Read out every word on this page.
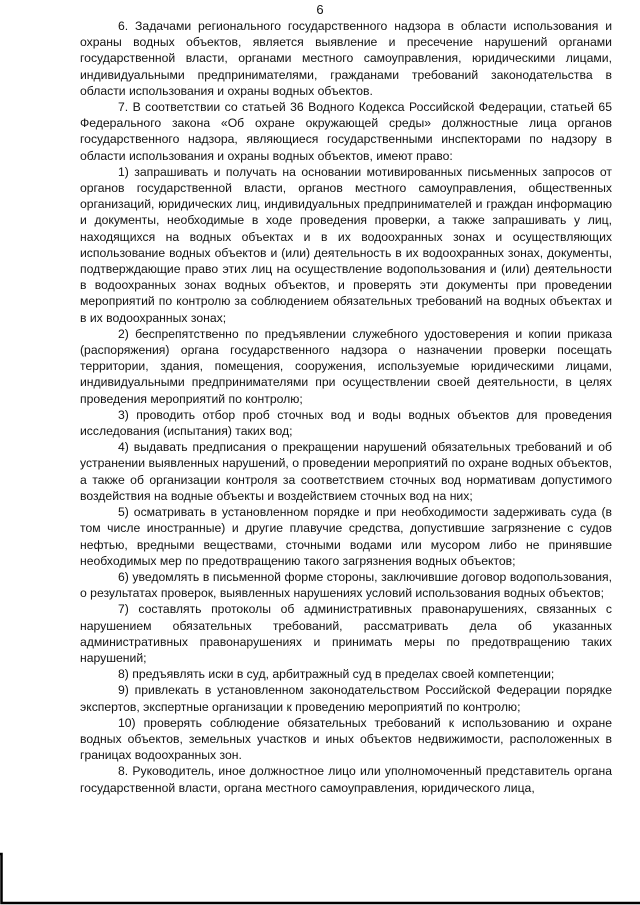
6

6. Задачами регионального государственного надзора в области использования и охраны водных объектов, является выявление и пресечение нарушений органами государственной власти, органами местного самоуправления, юридическими лицами, индивидуальными предпринимателями, гражданами требований законодательства в области использования и охраны водных объектов.

7. В соответствии со статьей 36 Водного Кодекса Российской Федерации, статьей 65 Федерального закона «Об охране окружающей среды» должностные лица органов государственного надзора, являющиеся государственными инспекторами по надзору в области использования и охраны водных объектов, имеют право:

1) запрашивать и получать на основании мотивированных письменных запросов от органов государственной власти, органов местного самоуправления, общественных организаций, юридических лиц, индивидуальных предпринимателей и граждан информацию и документы, необходимые в ходе проведения проверки, а также запрашивать у лиц, находящихся на водных объектах и в их водоохранных зонах и осуществляющих использование водных объектов и (или) деятельность в их водоохранных зонах, документы, подтверждающие право этих лиц на осуществление водопользования и (или) деятельности в водоохранных зонах водных объектов, и проверять эти документы при проведении мероприятий по контролю за соблюдением обязательных требований на водных объектах и в их водоохранных зонах;

2) беспрепятственно по предъявлении служебного удостоверения и копии приказа (распоряжения) органа государственного надзора о назначении проверки посещать территории, здания, помещения, сооружения, используемые юридическими лицами, индивидуальными предпринимателями при осуществлении своей деятельности, в целях проведения мероприятий по контролю;

3) проводить отбор проб сточных вод и воды водных объектов для проведения исследования (испытания) таких вод;

4) выдавать предписания о прекращении нарушений обязательных требований и об устранении выявленных нарушений, о проведении мероприятий по охране водных объектов, а также об организации контроля за соответствием сточных вод нормативам допустимого воздействия на водные объекты и воздействием сточных вод на них;

5) осматривать в установленном порядке и при необходимости задерживать суда (в том числе иностранные) и другие плавучие средства, допустившие загрязнение с судов нефтью, вредными веществами, сточными водами или мусором либо не принявшие необходимых мер по предотвращению такого загрязнения водных объектов;

6) уведомлять в письменной форме стороны, заключившие договор водопользования, о результатах проверок, выявленных нарушениях условий использования водных объектов;

7) составлять протоколы об административных правонарушениях, связанных с нарушением обязательных требований, рассматривать дела об указанных административных правонарушениях и принимать меры по предотвращению таких нарушений;

8) предъявлять иски в суд, арбитражный суд в пределах своей компетенции;

9) привлекать в установленном законодательством Российской Федерации порядке экспертов, экспертные организации к проведению мероприятий по контролю;

10) проверять соблюдение обязательных требований к использованию и охране водных объектов, земельных участков и иных объектов недвижимости, расположенных в границах водоохранных зон.

8. Руководитель, иное должностное лицо или уполномоченный представитель органа государственной власти, органа местного самоуправления, юридического лица,
